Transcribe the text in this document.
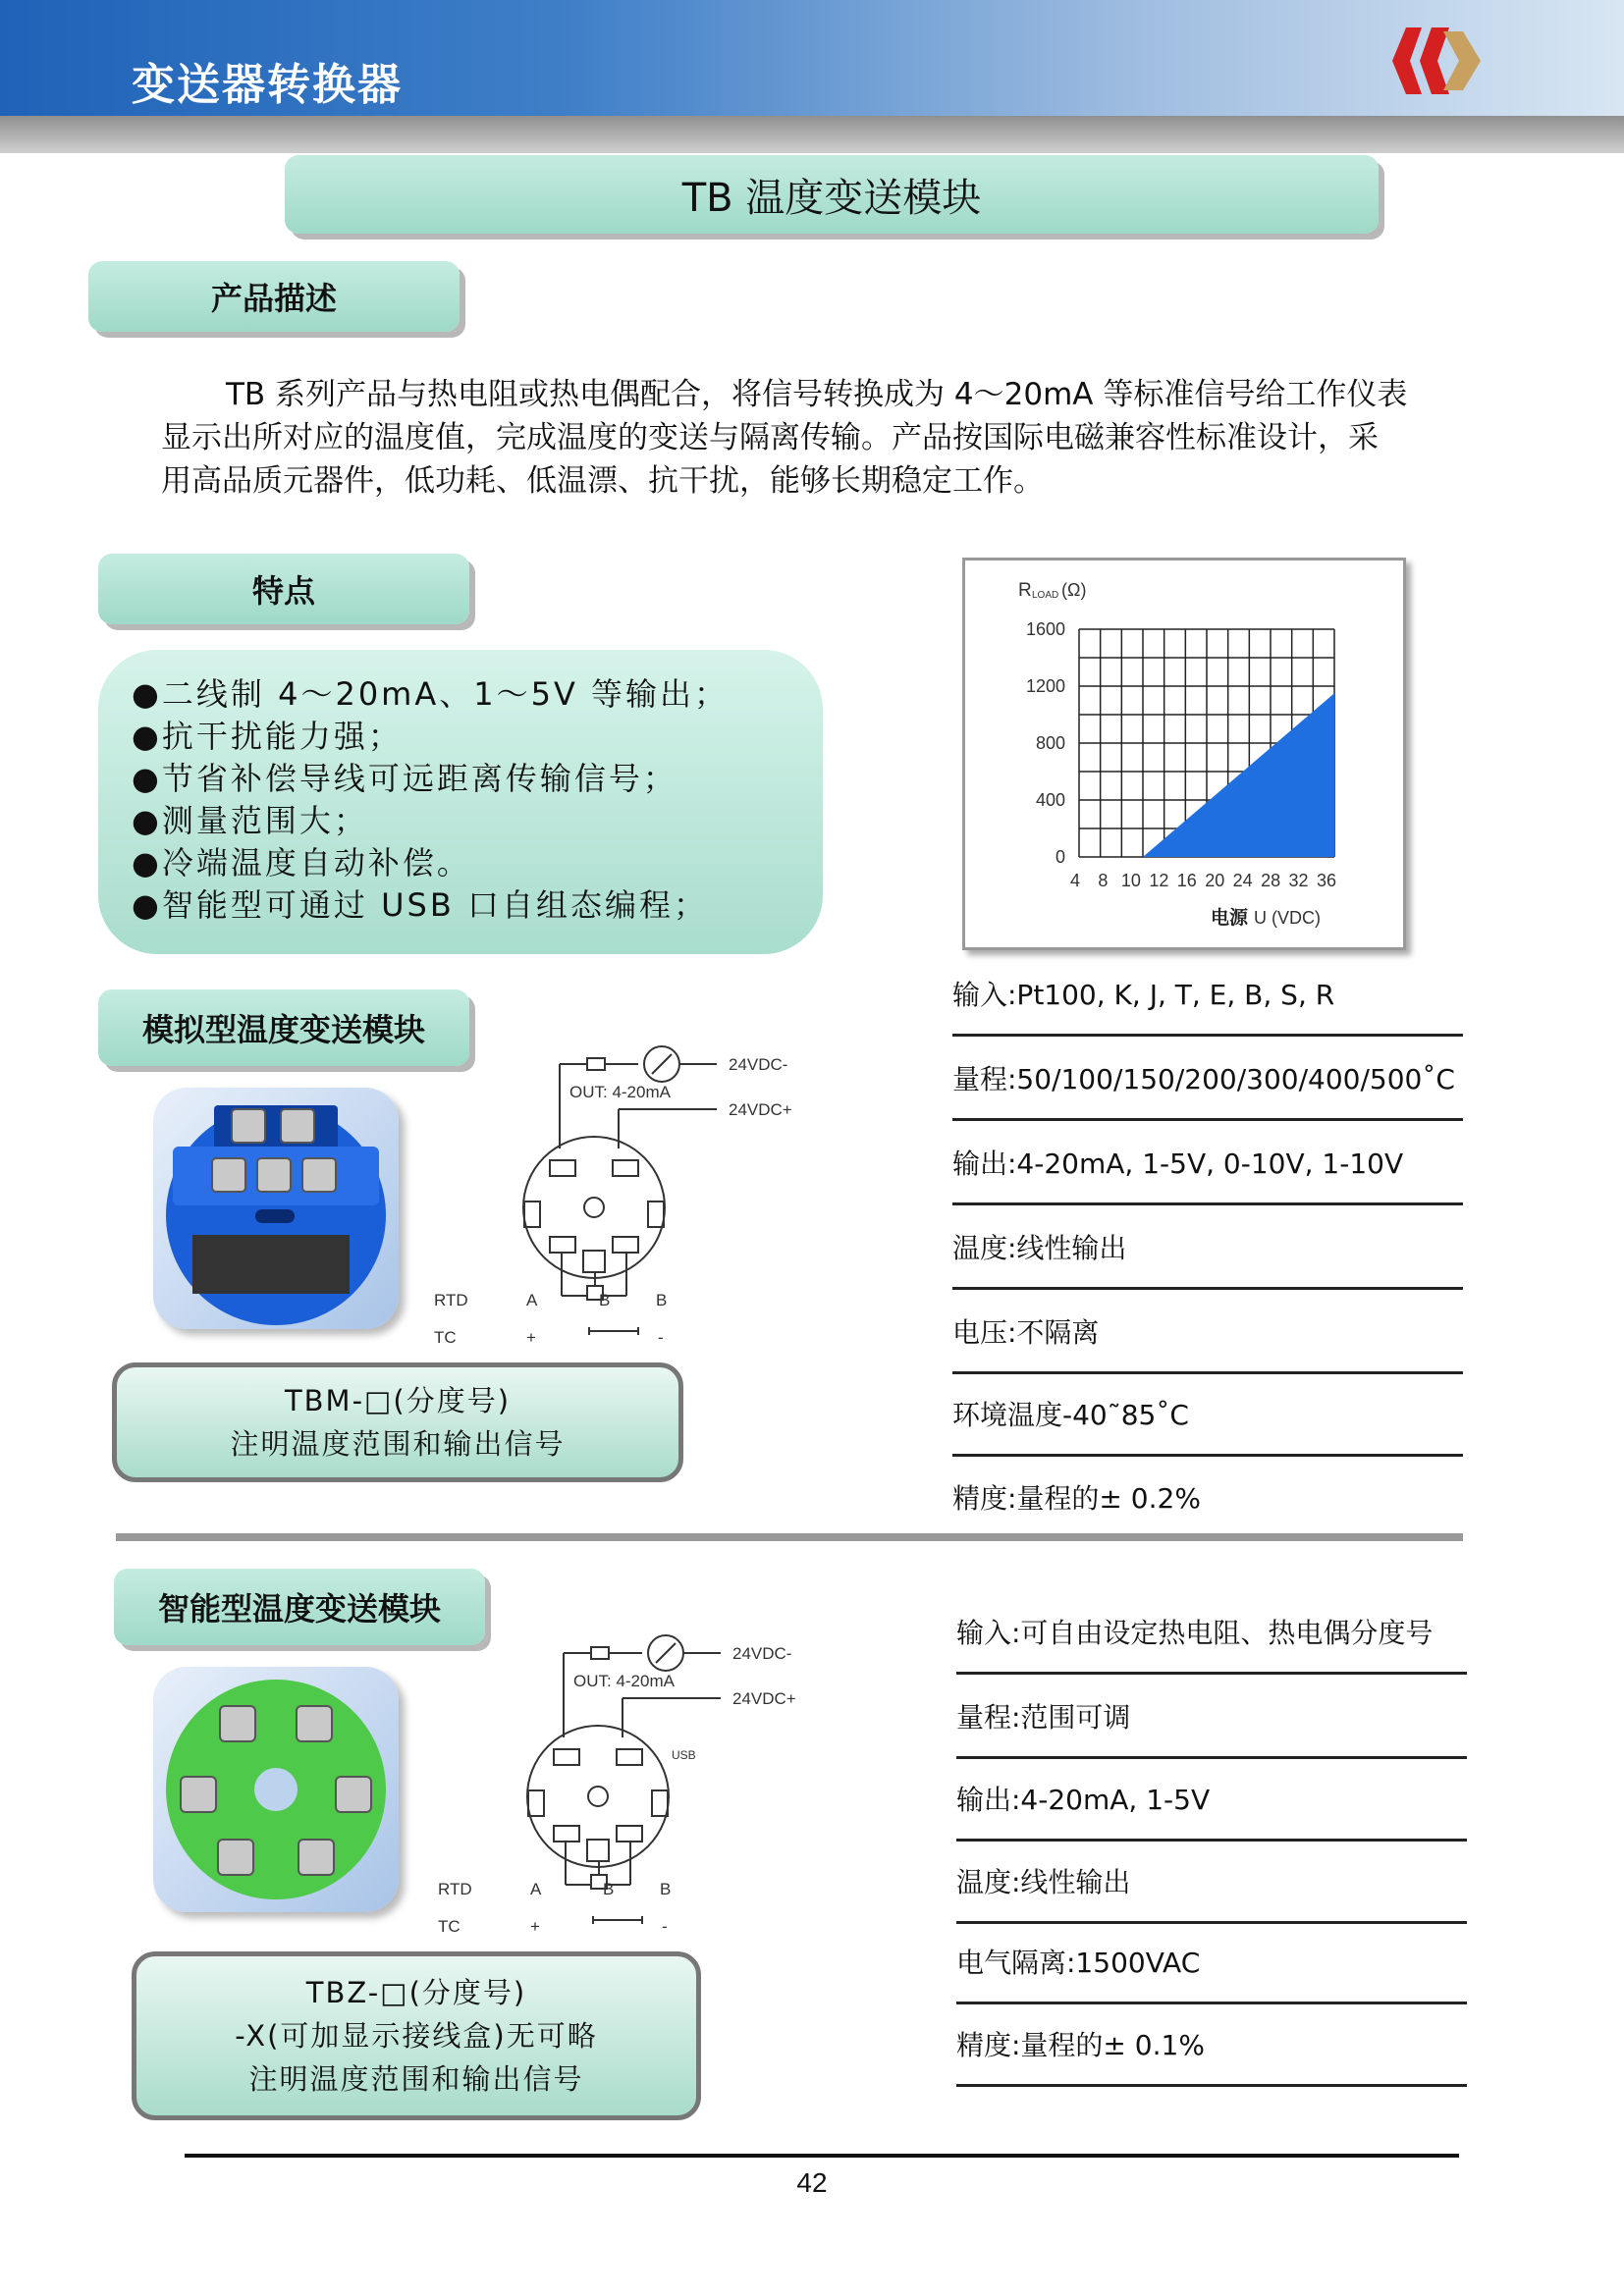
变送器转换器
TB 温度变送模块
产品描述
TB 系列产品与热电阻或热电偶配合，将信号转换成为 4～20mA 等标准信号给工作仪表
显示出所对应的温度值，完成温度的变送与隔离传输。产品按国际电磁兼容性标准设计，采
用高品质元器件，低功耗、低温漂、抗干扰，能够长期稳定工作。
特点
●二线制 4～20mA、1～5V 等输出；
●抗干扰能力强；
●节省补偿导线可远距离传输信号；
●测量范围大；
●冷端温度自动补偿。
●智能型可通过 USB 口自组态编程；
0
400
800
1200
1600
4 8 10 12 16 20 24 28 32 36
R LOAD (Ω)
电源 U (VDC)
模拟型温度变送模块
OUT: 4-20mA
24VDC-
24VDC+
RTD
TC
A	B	B
+	-
TBM-□(分度号)
注明温度范围和输出信号
输入:Pt100, K, J, T, E, B, S, R
量程:50/100/150/200/300/400/500˚C
输出:4-20mA, 1-5V, 0-10V, 1-10V
温度:线性输出
电压:不隔离
环境温度-40˜85˚C
精度:量程的± 0.2%
智能型温度变送模块
OUT: 4-20mA
24VDC-
24VDC+
USB
RTD
TC
A	B	B
+	-
TBZ-□(分度号)
-X(可加显示接线盒)无可略
注明温度范围和输出信号
输入:可自由设定热电阻、热电偶分度号
量程:范围可调
输出:4-20mA, 1-5V
温度:线性输出
电气隔离:1500VAC
精度:量程的± 0.1%
42
